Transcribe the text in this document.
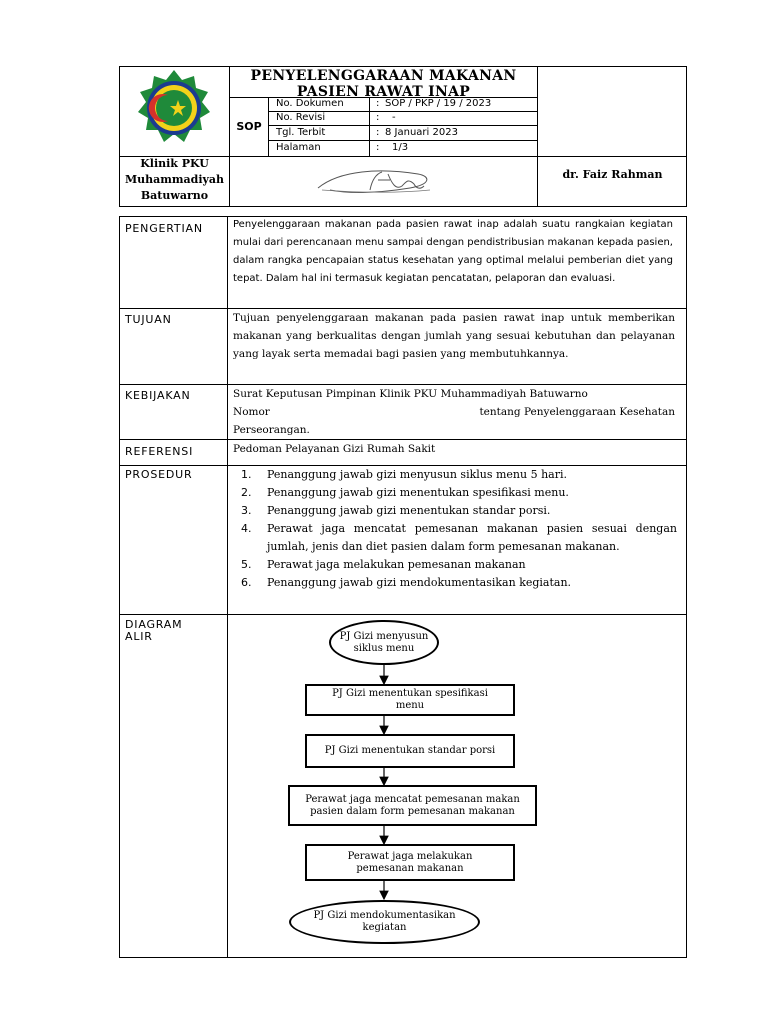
PENYELENGGARAAN MAKANAN
PASIEN RAWAT INAP
SOP
No. Dokumen	: SOP / PKP / 19 / 2023
No. Revisi	:	-
Tgl. Terbit	: 8 Januari 2023
Halaman	:	1/3
Klinik PKU
Muhammadiyah
Batuwarno
dr. Faiz Rahman
PENGERTIAN	Penyelenggaraan makanan pada pasien rawat inap adalah suatu rangkaian kegiatan mulai dari perencanaan menu sampai dengan pendistribusian makanan kepada pasien, dalam rangka pencapaian status kesehatan yang optimal melalui pemberian diet yang tepat. Dalam hal ini termasuk kegiatan pencatatan, pelaporan dan evaluasi.
TUJUAN	Tujuan penyelenggaraan makanan pada pasien rawat inap untuk memberikan makanan yang berkualitas dengan jumlah yang sesuai kebutuhan dan pelayanan yang layak serta memadai bagi pasien yang membutuhkannya.
KEBIJAKAN	Surat Keputusan Pimpinan Klinik PKU Muhammadiyah Batuwarno
Nomor	tentang Penyelenggaraan Kesehatan
Perseorangan.
REFERENSI	Pedoman Pelayanan Gizi Rumah Sakit
PROSEDUR	1. Penanggung jawab gizi menyusun siklus menu 5 hari.
2. Penanggung jawab gizi menentukan spesifikasi menu.
3. Penanggung jawab gizi menentukan standar porsi.
4. Perawat jaga mencatat pemesanan makanan pasien sesuai dengan jumlah, jenis dan diet pasien dalam form pemesanan makanan.
5. Perawat jaga melakukan pemesanan makanan
6. Penanggung jawab gizi mendokumentasikan kegiatan.
DIAGRAM
ALIR	PJ Gizi menyusun
siklus menu
PJ Gizi menentukan spesifikasi
menu
PJ Gizi menentukan standar porsi
Perawat jaga mencatat pemesanan makan
pasien dalam form pemesanan makanan
Perawat jaga melakukan
pemesanan makanan
PJ Gizi mendokumentasikan
kegiatan
